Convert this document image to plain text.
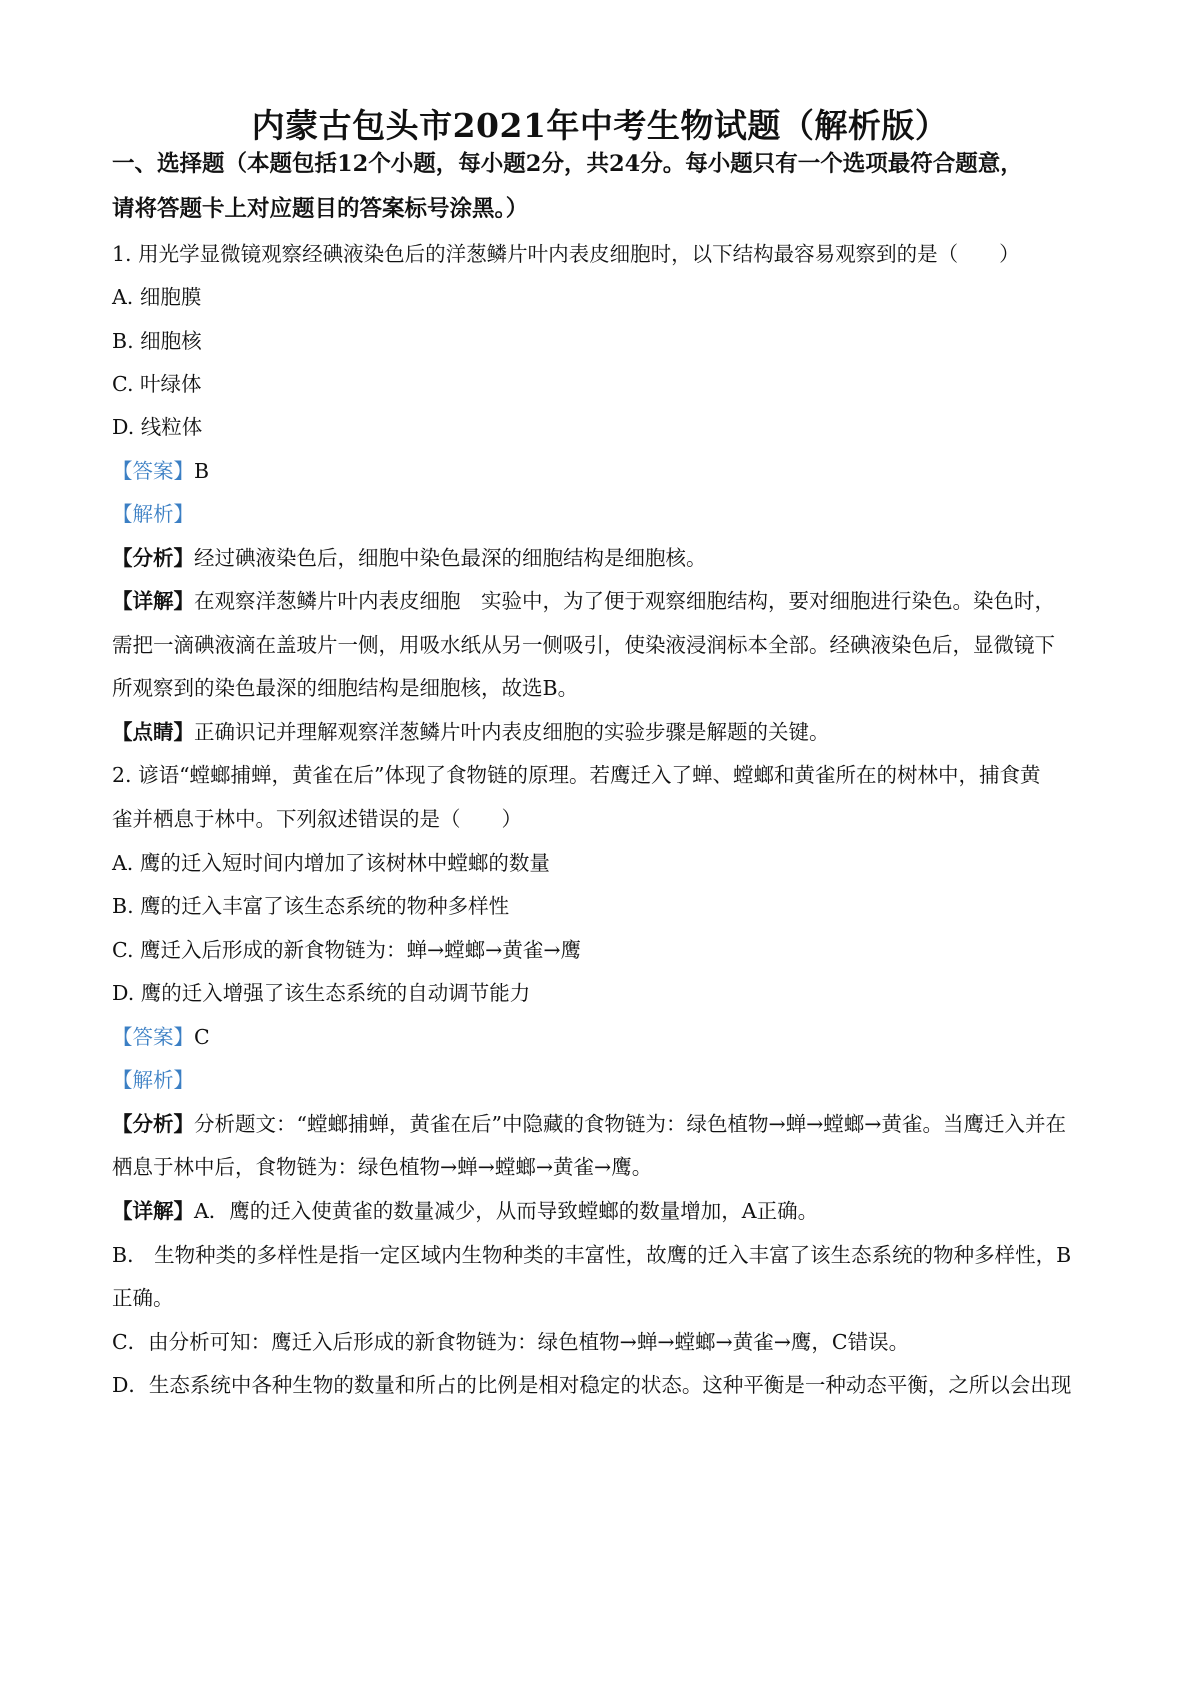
内蒙古包头市2021年中考生物试题（解析版）
一、选择题（本题包括12个小题，每小题2分，共24分。每小题只有一个选项最符合题意，
请将答题卡上对应题目的答案标号涂黑。）
1. 用光学显微镜观察经碘液染色后的洋葱鳞片叶内表皮细胞时，以下结构最容易观察到的是（　　）
A. 细胞膜
B. 细胞核
C. 叶绿体
D. 线粒体
【答案】B
【解析】
【分析】经过碘液染色后，细胞中染色最深的细胞结构是细胞核。
【详解】在观察洋葱鳞片叶内表皮细胞　实验中，为了便于观察细胞结构，要对细胞进行染色。染色时，
需把一滴碘液滴在盖玻片一侧，用吸水纸从另一侧吸引，使染液浸润标本全部。经碘液染色后，显微镜下
所观察到的染色最深的细胞结构是细胞核，故选B。
【点睛】正确识记并理解观察洋葱鳞片叶内表皮细胞的实验步骤是解题的关键。
2. 谚语“螳螂捕蝉，黄雀在后”体现了食物链的原理。若鹰迁入了蝉、螳螂和黄雀所在的树林中，捕食黄
雀并栖息于林中。下列叙述错误的是（　　）
A. 鹰的迁入短时间内增加了该树林中螳螂的数量
B. 鹰的迁入丰富了该生态系统的物种多样性
C. 鹰迁入后形成的新食物链为：蝉→螳螂→黄雀→鹰
D. 鹰的迁入增强了该生态系统的自动调节能力
【答案】C
【解析】
【分析】分析题文：“螳螂捕蝉，黄雀在后”中隐藏的食物链为：绿色植物→蝉→螳螂→黄雀。当鹰迁入并在
栖息于林中后，食物链为：绿色植物→蝉→螳螂→黄雀→鹰。
【详解】A．鹰的迁入使黄雀的数量减少，从而导致螳螂的数量增加，A正确。
B． 生物种类的多样性是指一定区域内生物种类的丰富性，故鹰的迁入丰富了该生态系统的物种多样性，B
正确。
C．由分析可知：鹰迁入后形成的新食物链为：绿色植物→蝉→螳螂→黄雀→鹰，C错误。
D．生态系统中各种生物的数量和所占的比例是相对稳定的状态。这种平衡是一种动态平衡，之所以会出现
